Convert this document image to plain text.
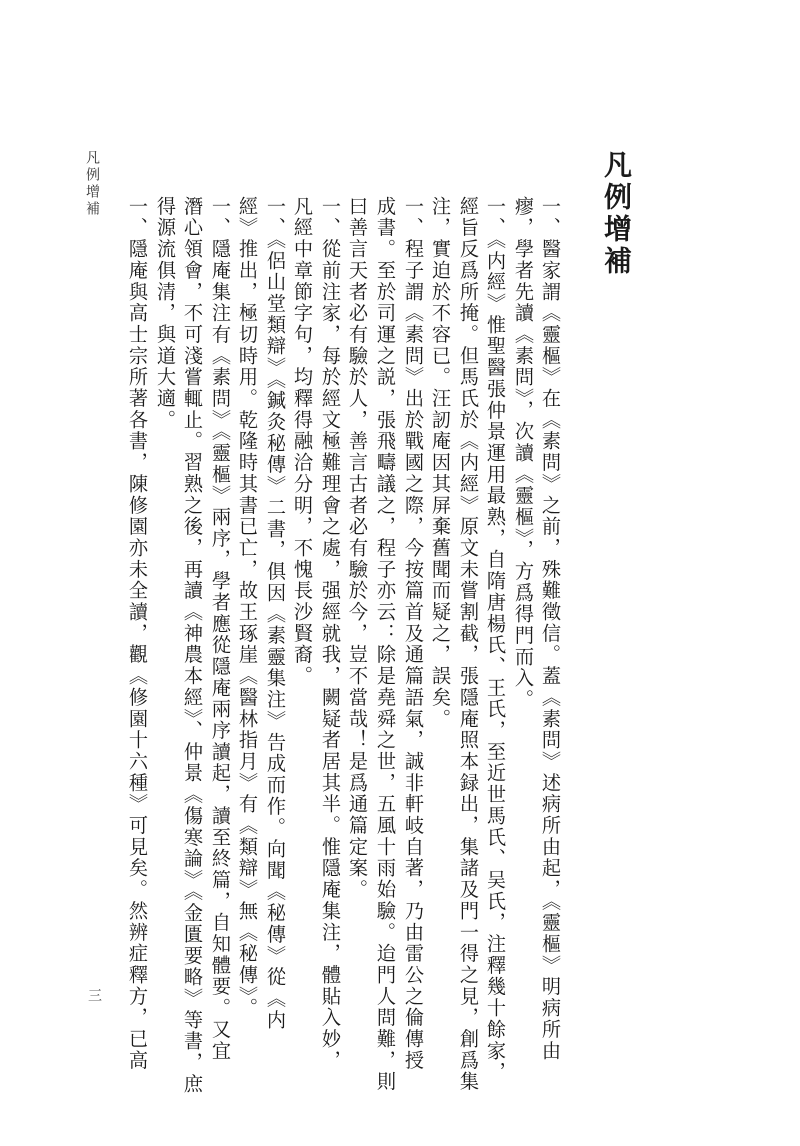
凡例增補
三
凡例增補
一、醫家謂《靈樞》在《素問》之前，殊難徵信。蓋《素問》述病所由起，《靈樞》明病所由
瘳，學者先讀《素問》，次讀《靈樞》，方爲得門而入。
一、《内經》惟聖醫張仲景運用最熟，自隋唐楊氏、王氏，至近世馬氏、吴氏，注釋幾十餘家，
經旨反爲所掩。但馬氏於《内經》原文未嘗割截，張隱庵照本録出，集諸及門一得之見，創爲集
注，實迫於不容已。汪訒庵因其屏棄舊聞而疑之，誤矣。
一、程子謂《素問》出於戰國之際，今按篇首及通篇語氣，誠非軒岐自著，乃由雷公之倫傳授
成書。至於司運之説，張飛疇議之，程子亦云：除是堯舜之世，五風十雨始驗。迨門人問難，則
曰善言天者必有驗於人，善言古者必有驗於今，豈不當哉！是爲通篇定案。
一、從前注家，每於經文極難理會之處，强經就我，闕疑者居其半。惟隱庵集注，體貼入妙，
凡經中章節字句，均釋得融洽分明，不愧長沙賢裔。
一、《侶山堂類辯》《鍼灸秘傳》二書，俱因《素靈集注》告成而作。向聞《秘傳》從《内
經》推出，極切時用。乾隆時其書已亡，故王琢崖《醫林指月》有《類辯》無《秘傳》。
一、隱庵集注有《素問》《靈樞》兩序，學者應從隱庵兩序讀起，讀至終篇，自知體要。又宜
潛心領會，不可淺嘗輒止。習熟之後，再讀《神農本經》、仲景《傷寒論》《金匱要略》等書，庶
得源流俱清，與道大適。
一、隱庵與高士宗所著各書，陳修園亦未全讀，觀《修園十六種》可見矣。然辨症釋方，已高
